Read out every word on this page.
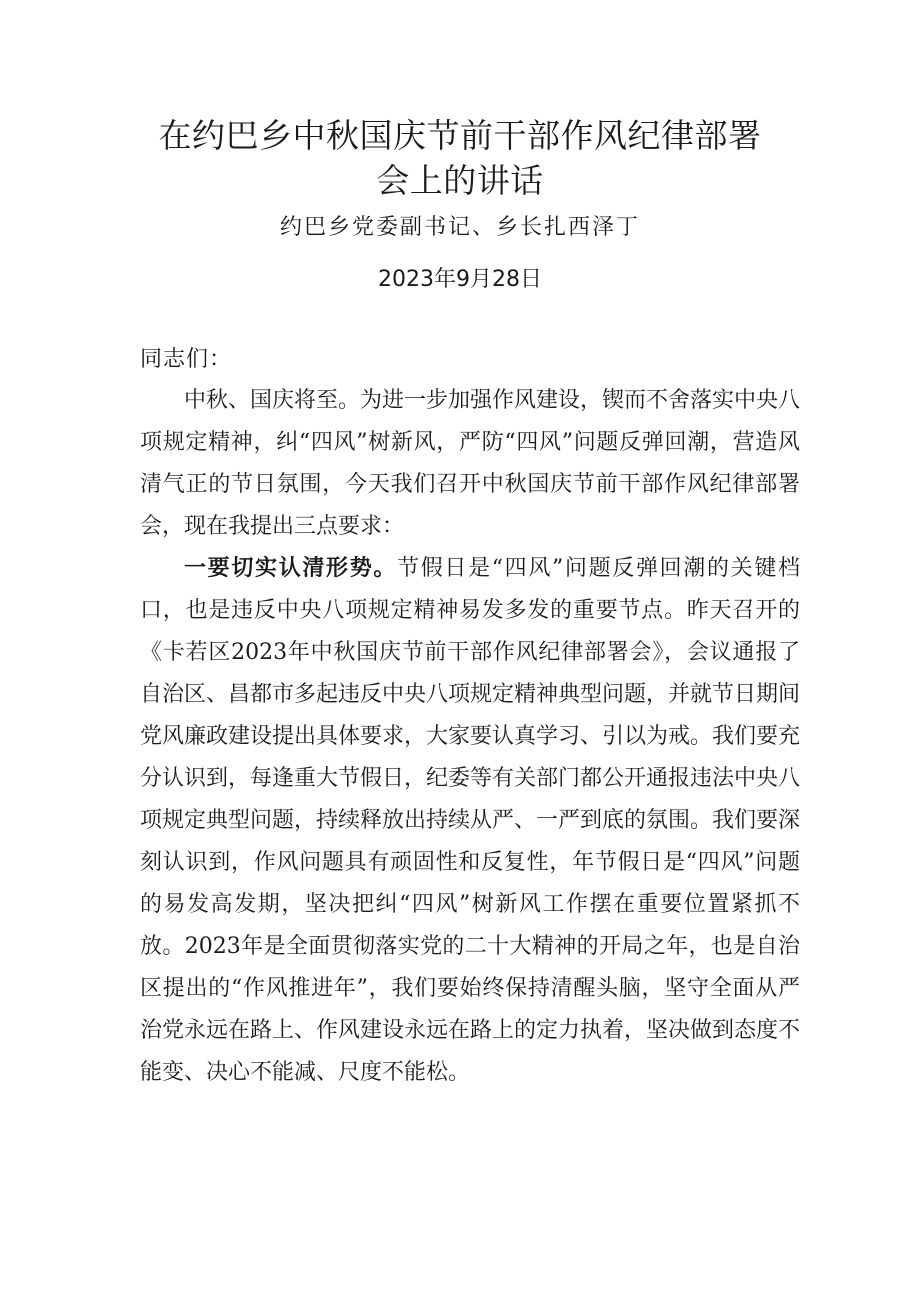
在约巴乡中秋国庆节前干部作风纪律部署
会上的讲话
约巴乡党委副书记、乡长扎西泽丁
2023年9月28日
同志们：

中秋、国庆将至。为进一步加强作风建设，锲而不舍落实中央八项规定精神，纠“四风”树新风，严防“四风”问题反弹回潮，营造风清气正的节日氛围，今天我们召开中秋国庆节前干部作风纪律部署会，现在我提出三点要求：

一要切实认清形势。节假日是“四风”问题反弹回潮的关键档口，也是违反中央八项规定精神易发多发的重要节点。昨天召开的《卡若区2023年中秋国庆节前干部作风纪律部署会》，会议通报了自治区、昌都市多起违反中央八项规定精神典型问题，并就节日期间党风廉政建设提出具体要求，大家要认真学习、引以为戒。我们要充分认识到，每逢重大节假日，纪委等有关部门都公开通报违法中央八项规定典型问题，持续释放出持续从严、一严到底的氛围。我们要深刻认识到，作风问题具有顽固性和反复性，年节假日是“四风”问题的易发高发期，坚决把纠“四风”树新风工作摆在重要位置紧抓不放。2023年是全面贯彻落实党的二十大精神的开局之年，也是自治区提出的“作风推进年”，我们要始终保持清醒头脑，坚守全面从严治党永远在路上、作风建设永远在路上的定力执着，坚决做到态度不能变、决心不能减、尺度不能松。
